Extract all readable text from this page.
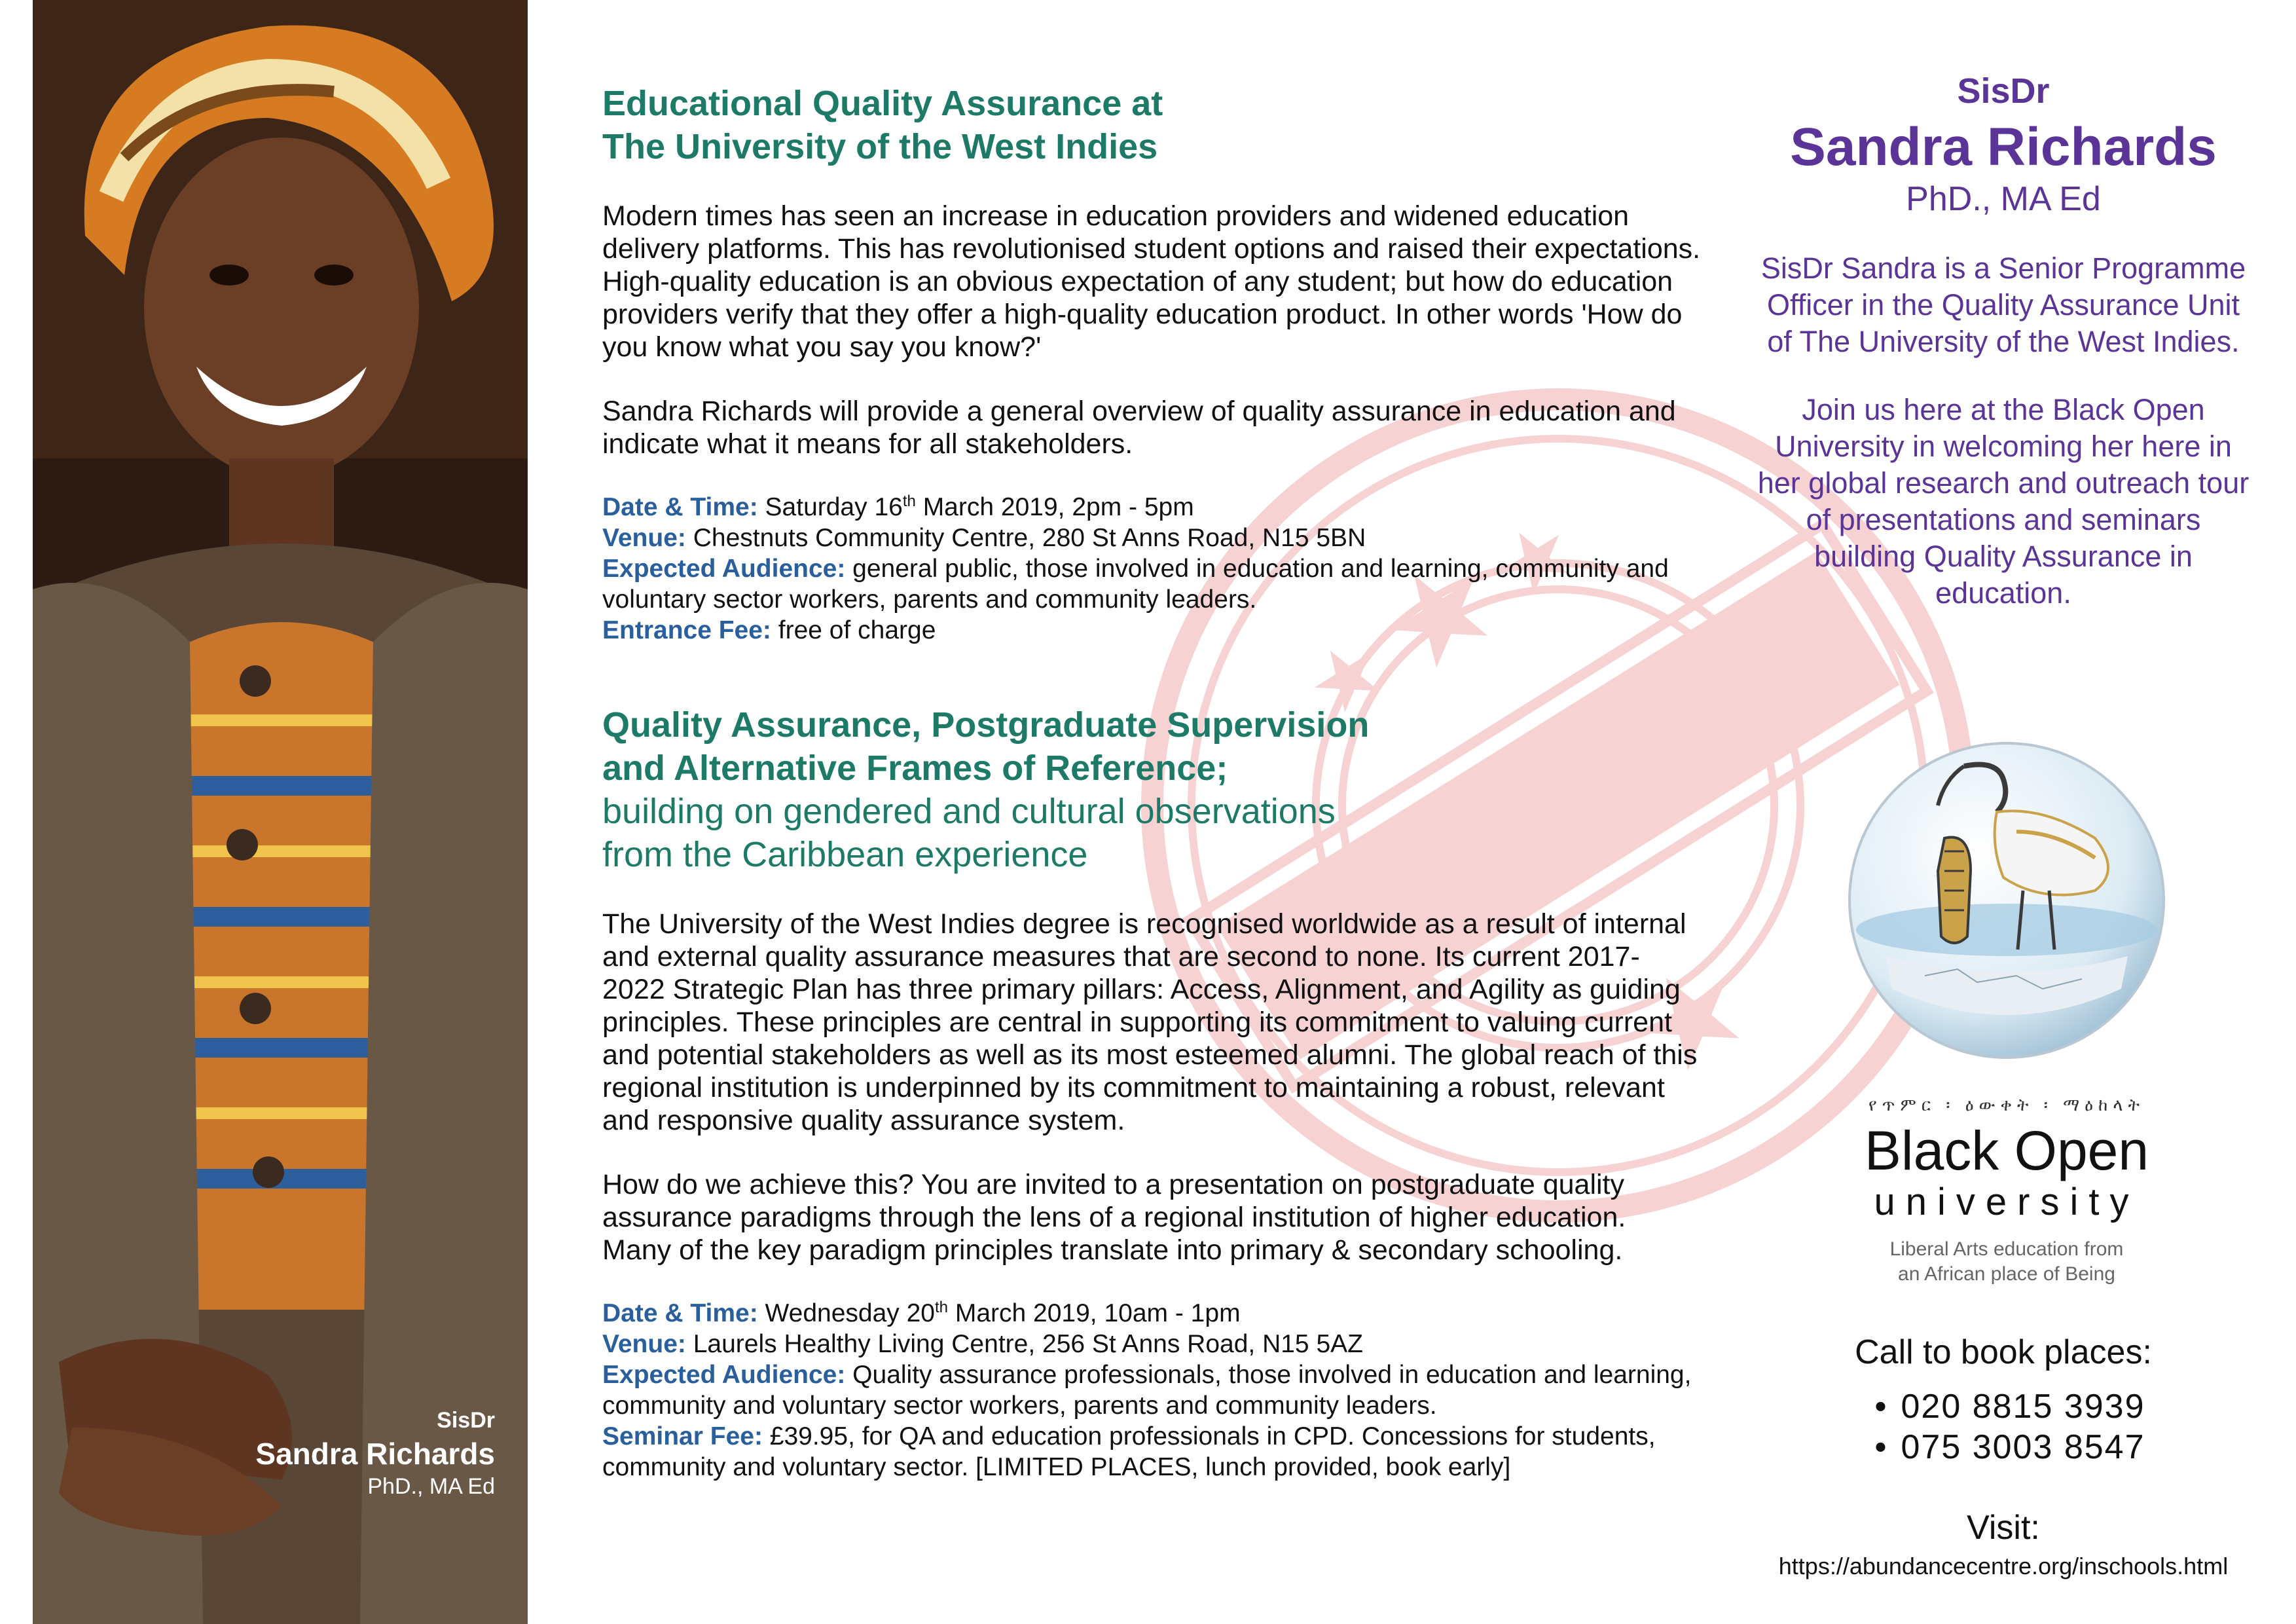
SisDr
Sandra Richards
PhD., MA Ed
Educational Quality Assurance at
The University of the West Indies
Modern times has seen an increase in education providers and widened education delivery platforms. This has revolutionised student options and raised their expectations. High-quality education is an obvious expectation of any student; but how do education providers verify that they offer a high-quality education product. In other words 'How do you know what you say you know?'
Sandra Richards will provide a general overview of quality assurance in education and indicate what it means for all stakeholders.
Date & Time: Saturday 16th March 2019, 2pm - 5pm
Venue: Chestnuts Community Centre, 280 St Anns Road, N15 5BN
Expected Audience: general public, those involved in education and learning, community and voluntary sector workers, parents and community leaders.
Entrance Fee: free of charge
Quality Assurance, Postgraduate Supervision
and Alternative Frames of Reference;
building on gendered and cultural observations
from the Caribbean experience
The University of the West Indies degree is recognised worldwide as a result of internal and external quality assurance measures that are second to none. Its current 2017-2022 Strategic Plan has three primary pillars: Access, Alignment, and Agility as guiding principles. These principles are central in supporting its commitment to valuing current and potential stakeholders as well as its most esteemed alumni. The global reach of this regional institution is underpinned by its commitment to maintaining a robust, relevant and responsive quality assurance system.
How do we achieve this? You are invited to a presentation on postgraduate quality assurance paradigms through the lens of a regional institution of higher education. Many of the key paradigm principles translate into primary & secondary schooling.
Date & Time: Wednesday 20th March 2019, 10am - 1pm
Venue: Laurels Healthy Living Centre, 256 St Anns Road, N15 5AZ
Expected Audience: Quality assurance professionals, those involved in education and learning, community and voluntary sector workers, parents and community leaders.
Seminar Fee: £39.95, for QA and education professionals in CPD. Concessions for students, community and voluntary sector. [LIMITED PLACES, lunch provided, book early]
SisDr
Sandra Richards
PhD., MA Ed
SisDr Sandra is a Senior Programme Officer in the Quality Assurance Unit of The University of the West Indies.
Join us here at the Black Open University in welcoming her here in her global research and outreach tour of presentations and seminars building Quality Assurance in education.
የጥምር ፡ ዕውቀት ፡ ማዕከላት
Black Open
university
Liberal Arts education from
an African place of Being
Call to book places:
• 020 8815 3939
• 075 3003 8547
Visit:
https://abundancecentre.org/inschools.html
